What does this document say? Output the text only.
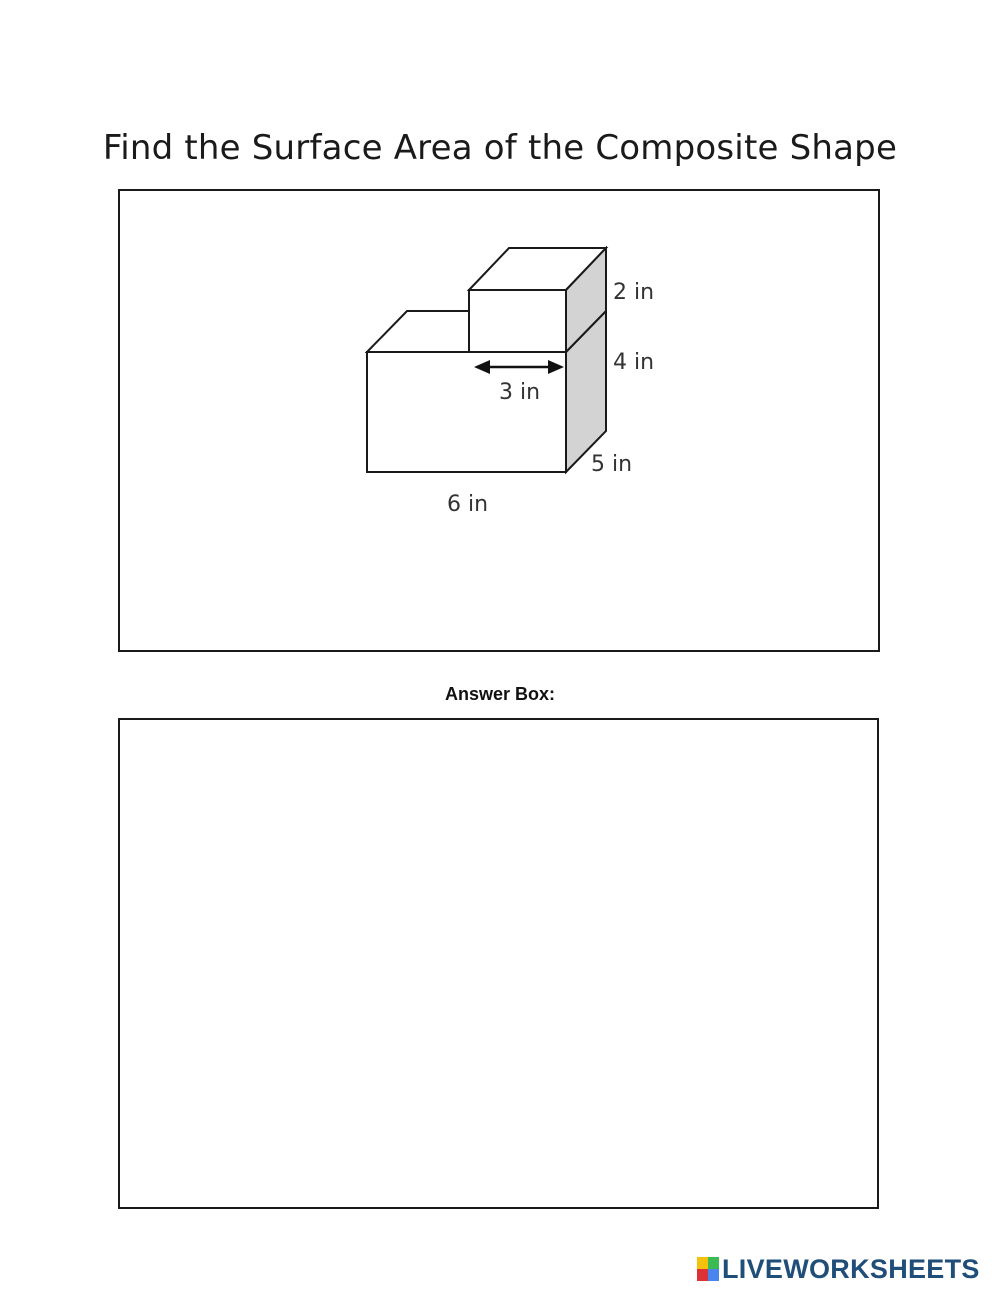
Find the Surface Area of the Composite Shape
2 in
4 in
3 in
5 in
6 in
Answer Box:
LIVEWORKSHEETS
